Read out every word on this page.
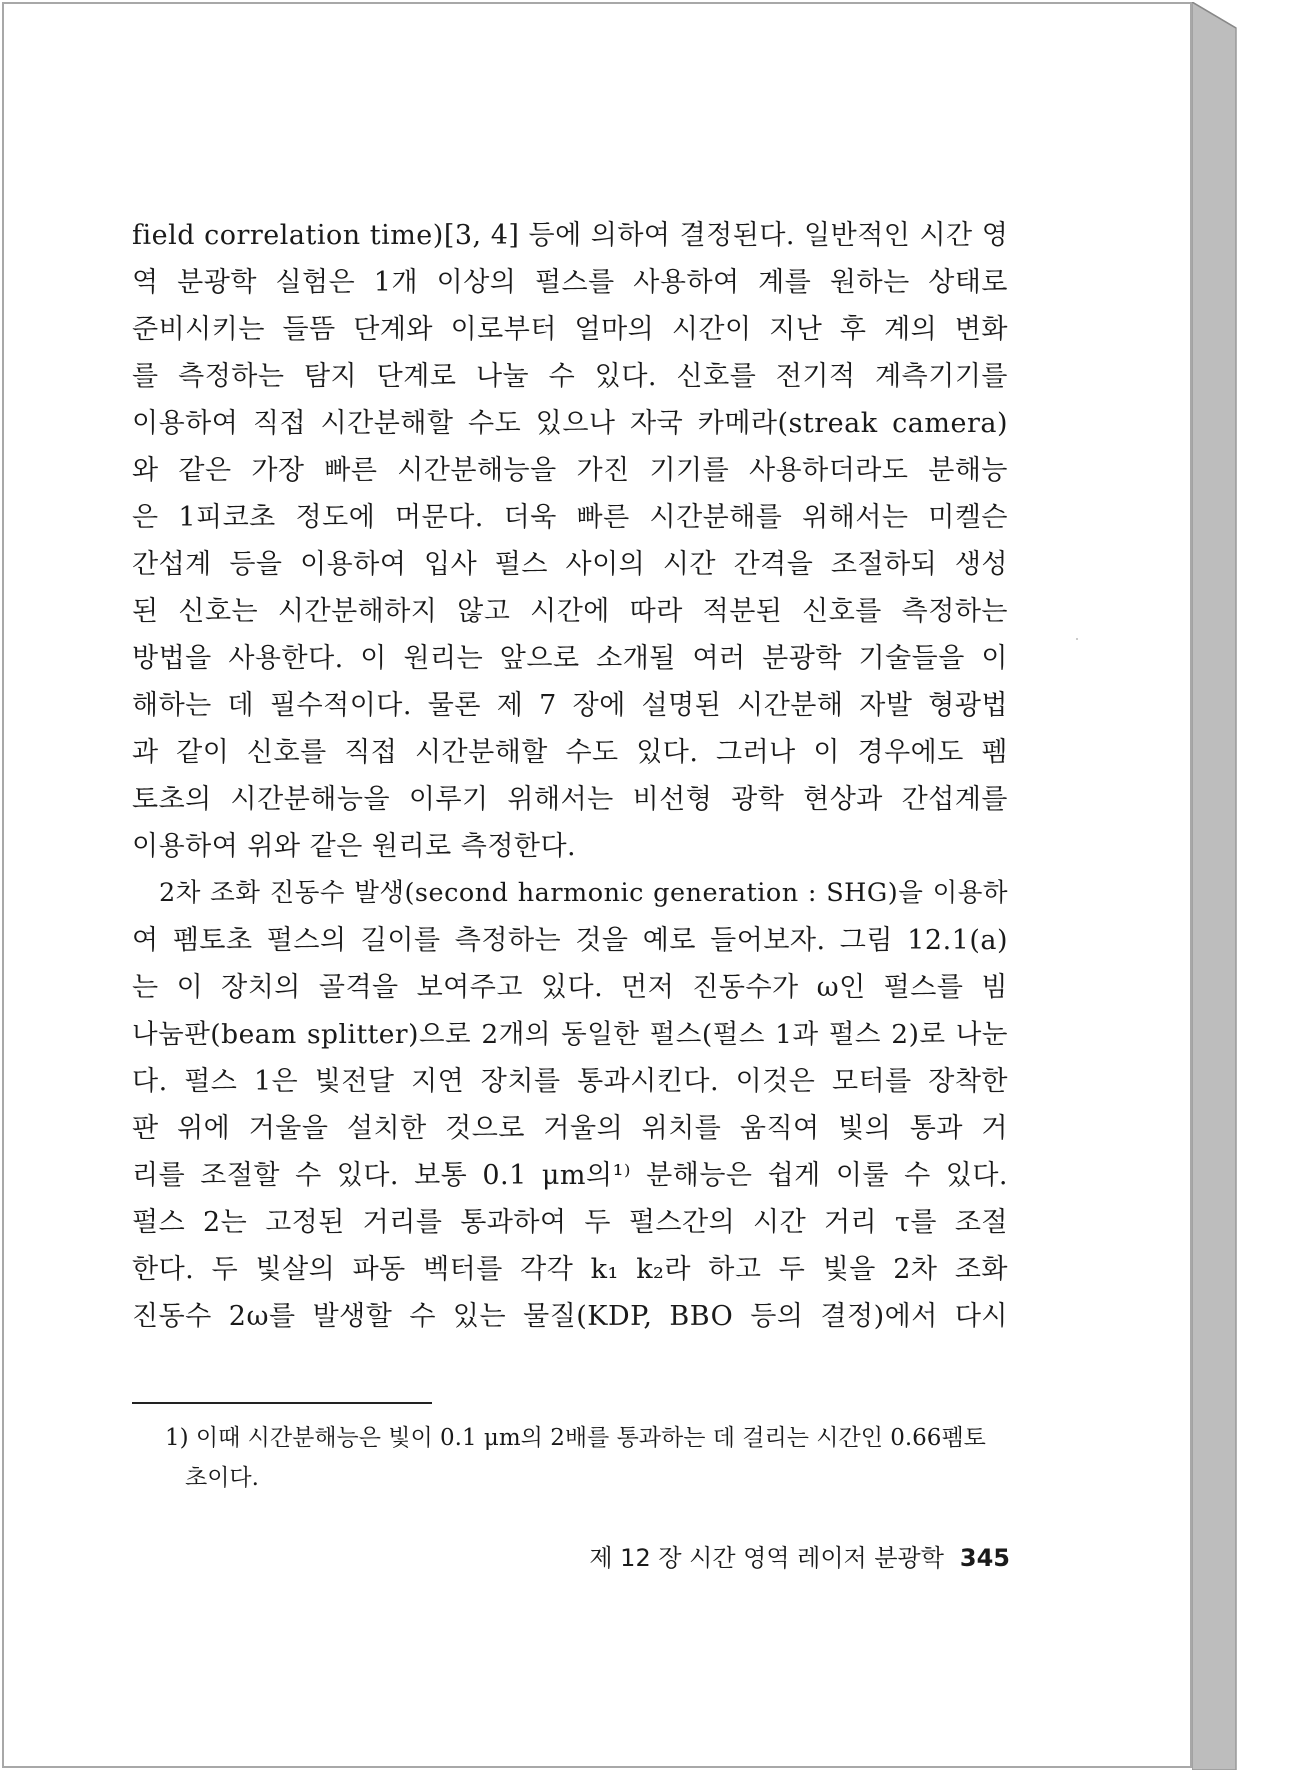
field correlation time)[3, 4] 등에 의하여 결정된다. 일반적인 시간 영

역 분광학 실험은 1개 이상의 펄스를 사용하여 계를 원하는 상태로

준비시키는 들뜸 단계와 이로부터 얼마의 시간이 지난 후 계의 변화

를 측정하는 탐지 단계로 나눌 수 있다. 신호를 전기적 계측기기를

이용하여 직접 시간분해할 수도 있으나 자국 카메라(streak camera)

와 같은 가장 빠른 시간분해능을 가진 기기를 사용하더라도 분해능

은 1피코초 정도에 머문다. 더욱 빠른 시간분해를 위해서는 미켈슨

간섭계 등을 이용하여 입사 펄스 사이의 시간 간격을 조절하되 생성

된 신호는 시간분해하지 않고 시간에 따라 적분된 신호를 측정하는

방법을 사용한다. 이 원리는 앞으로 소개될 여러 분광학 기술들을 이

해하는 데 필수적이다. 물론 제 7 장에 설명된 시간분해 자발 형광법

과 같이 신호를 직접 시간분해할 수도 있다. 그러나 이 경우에도 펨

토초의 시간분해능을 이루기 위해서는 비선형 광학 현상과 간섭계를

이용하여 위와 같은 원리로 측정한다.

2차 조화 진동수 발생(second harmonic generation : SHG)을 이용하

여 펨토초 펄스의 길이를 측정하는 것을 예로 들어보자. 그림 12.1(a)

는 이 장치의 골격을 보여주고 있다. 먼저 진동수가 ω인 펄스를 빔

나눔판(beam splitter)으로 2개의 동일한 펄스(펄스 1과 펄스 2)로 나눈

다. 펄스 1은 빛전달 지연 장치를 통과시킨다. 이것은 모터를 장착한

판 위에 거울을 설치한 것으로 거울의 위치를 움직여 빛의 통과 거

리를 조절할 수 있다. 보통 0.1 μm의¹⁾ 분해능은 쉽게 이룰 수 있다.

펄스 2는 고정된 거리를 통과하여 두 펄스간의 시간 거리 τ를 조절

한다. 두 빛살의 파동 벡터를 각각 k₁ k₂라 하고 두 빛을 2차 조화

진동수 2ω를 발생할 수 있는 물질(KDP, BBO 등의 결정)에서 다시

1) 이때 시간분해능은 빛이 0.1 μm의 2배를 통과하는 데 걸리는 시간인 0.66펨토

초이다.

제 12 장 시간 영역 레이저 분광학 345
